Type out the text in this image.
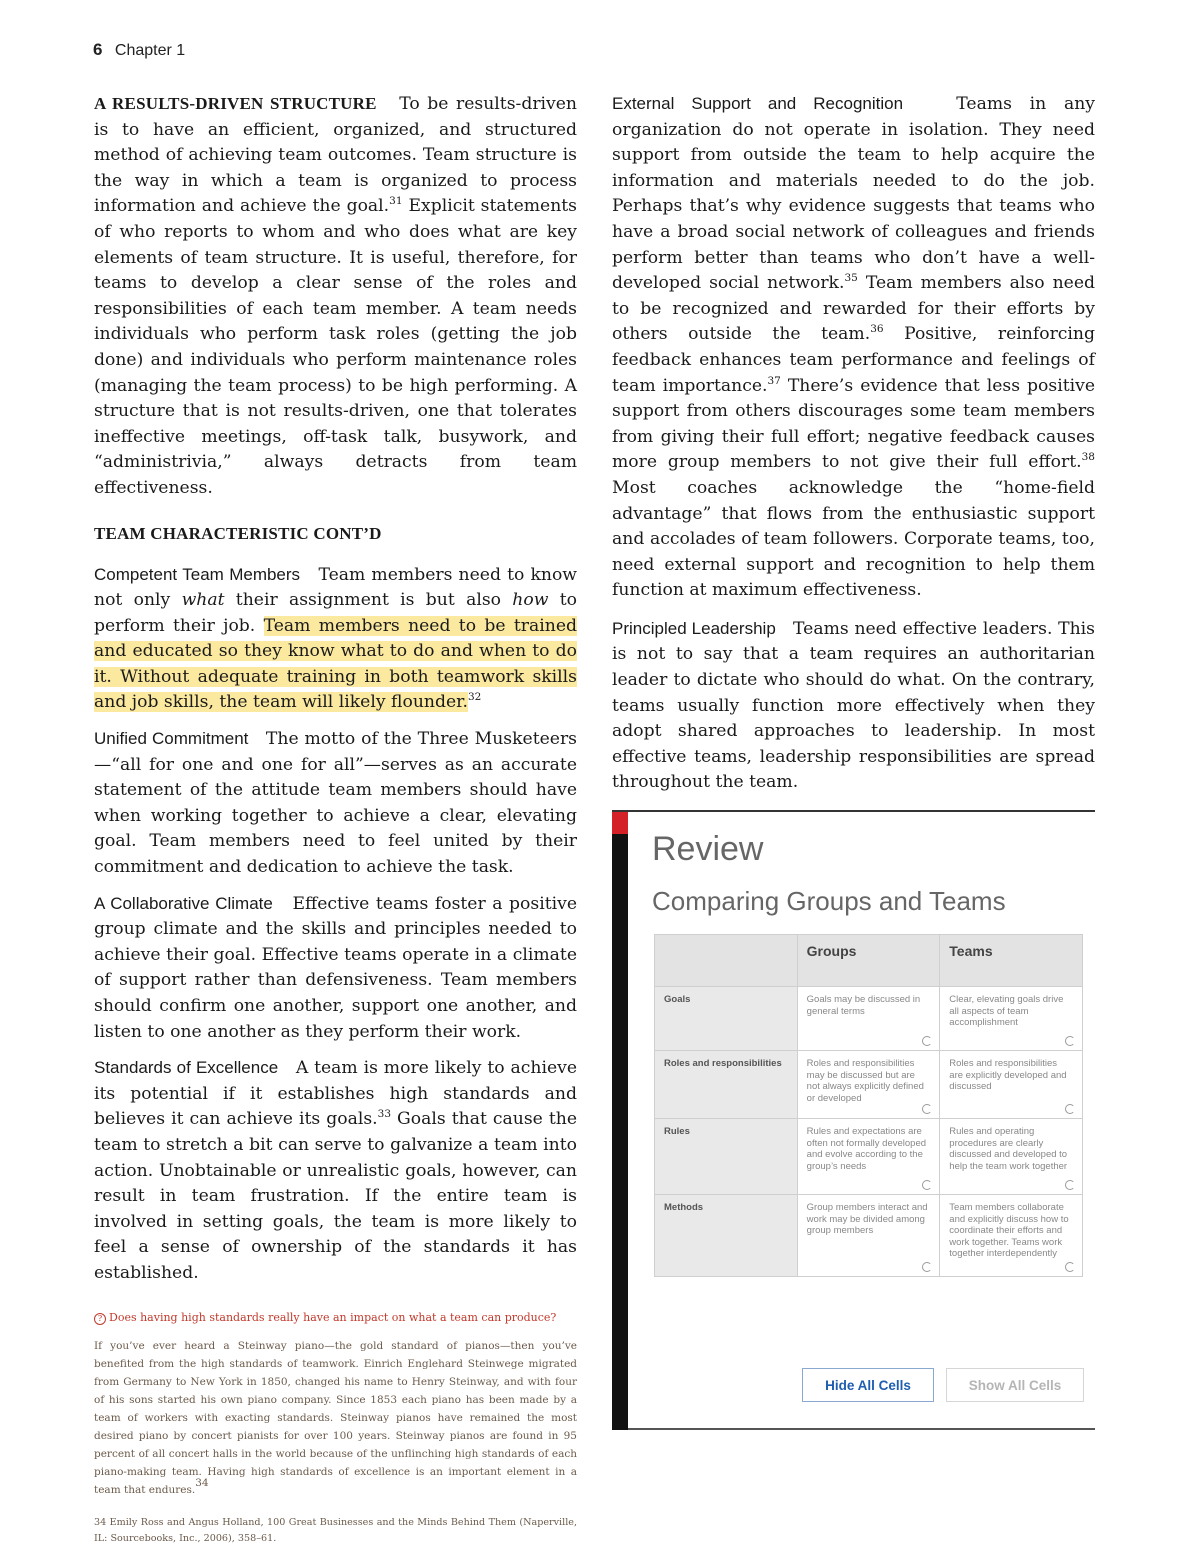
6 Chapter 1

A RESULTS-DRIVEN STRUCTURE To be results-driven is to have an efficient, organized, and structured method of achieving team outcomes. Team structure is the way in which a team is organized to process information and achieve the goal.$^{31}$ Explicit statements of who reports to whom and who does what are key elements of team structure. It is useful, therefore, for teams to develop a clear sense of the roles and responsibilities of each team member. A team needs individuals who perform task roles (getting the job done) and individuals who perform maintenance roles (managing the team process) to be high performing. A structure that is not results-driven, one that tolerates ineffective meetings, off-task talk, busywork, and “administrivia,” always detracts from team effectiveness.

TEAM CHARACTERISTIC CONT’D

Competent Team Members Team members need to know not only what their assignment is but also how to perform their job. Team members need to be trained and educated so they know what to do and when to do it. Without adequate training in both teamwork skills and job skills, the team will likely flounder.$^{32}$

Unified Commitment The motto of the Three Musketeers—“all for one and one for all”—serves as an accurate statement of the attitude team members should have when working together to achieve a clear, elevating goal. Team members need to feel united by their commitment and dedication to achieve the task.

A Collaborative Climate Effective teams foster a positive group climate and the skills and principles needed to achieve their goal. Effective teams operate in a climate of support rather than defensiveness. Team members should confirm one another, support one another, and listen to one another as they perform their work.

Standards of Excellence A team is more likely to achieve its potential if it establishes high standards and believes it can achieve its goals.$^{33}$ Goals that cause the team to stretch a bit can serve to galvanize a team into action. Unobtainable or unrealistic goals, however, can result in team frustration. If the entire team is involved in setting goals, the team is more likely to feel a sense of ownership of the standards it has established.

? Does having high standards really have an impact on what a team can produce?
If you’ve ever heard a Steinway piano—the gold standard of pianos—then you’ve benefited from the high standards of teamwork. Einrich Englehard Steinwege migrated from Germany to New York in 1850, changed his name to Henry Steinway, and with four of his sons started his own piano company. Since 1853 each piano has been made by a team of workers with exacting standards. Steinway pianos have remained the most desired piano by concert pianists for over 100 years. Steinway pianos are found in 95 percent of all concert halls in the world because of the unflinching high standards of each piano-making team. Having high standards of excellence is an important element in a team that endures.$^{34}$
34 Emily Ross and Angus Holland, 100 Great Businesses and the Minds Behind Them (Naperville, IL: Sourcebooks, Inc., 2006), 358–61.

External Support and Recognition	Teams in any organization do not operate in isolation. They need support from outside the team to help acquire the information and materials needed to do the job. Perhaps that’s why evidence suggests that teams who have a broad social network of colleagues and friends perform better than teams who don’t have a well-developed social network.$^{35}$ Team members also need to be recognized and rewarded for their efforts by others outside the team.$^{36}$ Positive, reinforcing feedback enhances team performance and feelings of team importance.$^{37}$ There’s evidence that less positive support from others discourages some team members from giving their full effort; negative feedback causes more group members to not give their full effort.$^{38}$ Most coaches acknowledge the “home-field advantage” that flows from the enthusiastic support and accolades of team followers. Corporate teams, too, need external support and recognition to help them function at maximum effectiveness.

Principled Leadership Teams need effective leaders. This is not to say that a team requires an authoritarian leader to dictate who should do what. On the contrary, teams usually function more effectively when they adopt shared approaches to leadership. In most effective teams, leadership responsibilities are spread throughout the team.

Review
Comparing Groups and Teams
	Groups	Teams
Goals	Goals may be discussed in general terms	Clear, elevating goals drive all aspects of team accomplishment

Roles and responsibilities	Roles and responsibilities may be discussed but are not always explicitly defined or developed	Roles and responsibilities are explicitly developed and discussed

Rules	Rules and expectations are often not formally developed and evolve according to the group’s needs	Rules and operating procedures are clearly discussed and developed to help the team work together

Methods	Group members interact and work may be divided among group members	Team members collaborate and explicitly discuss how to coordinate their efforts and work together. Teams work together interdependently
Hide All Cells	Show All Cells
